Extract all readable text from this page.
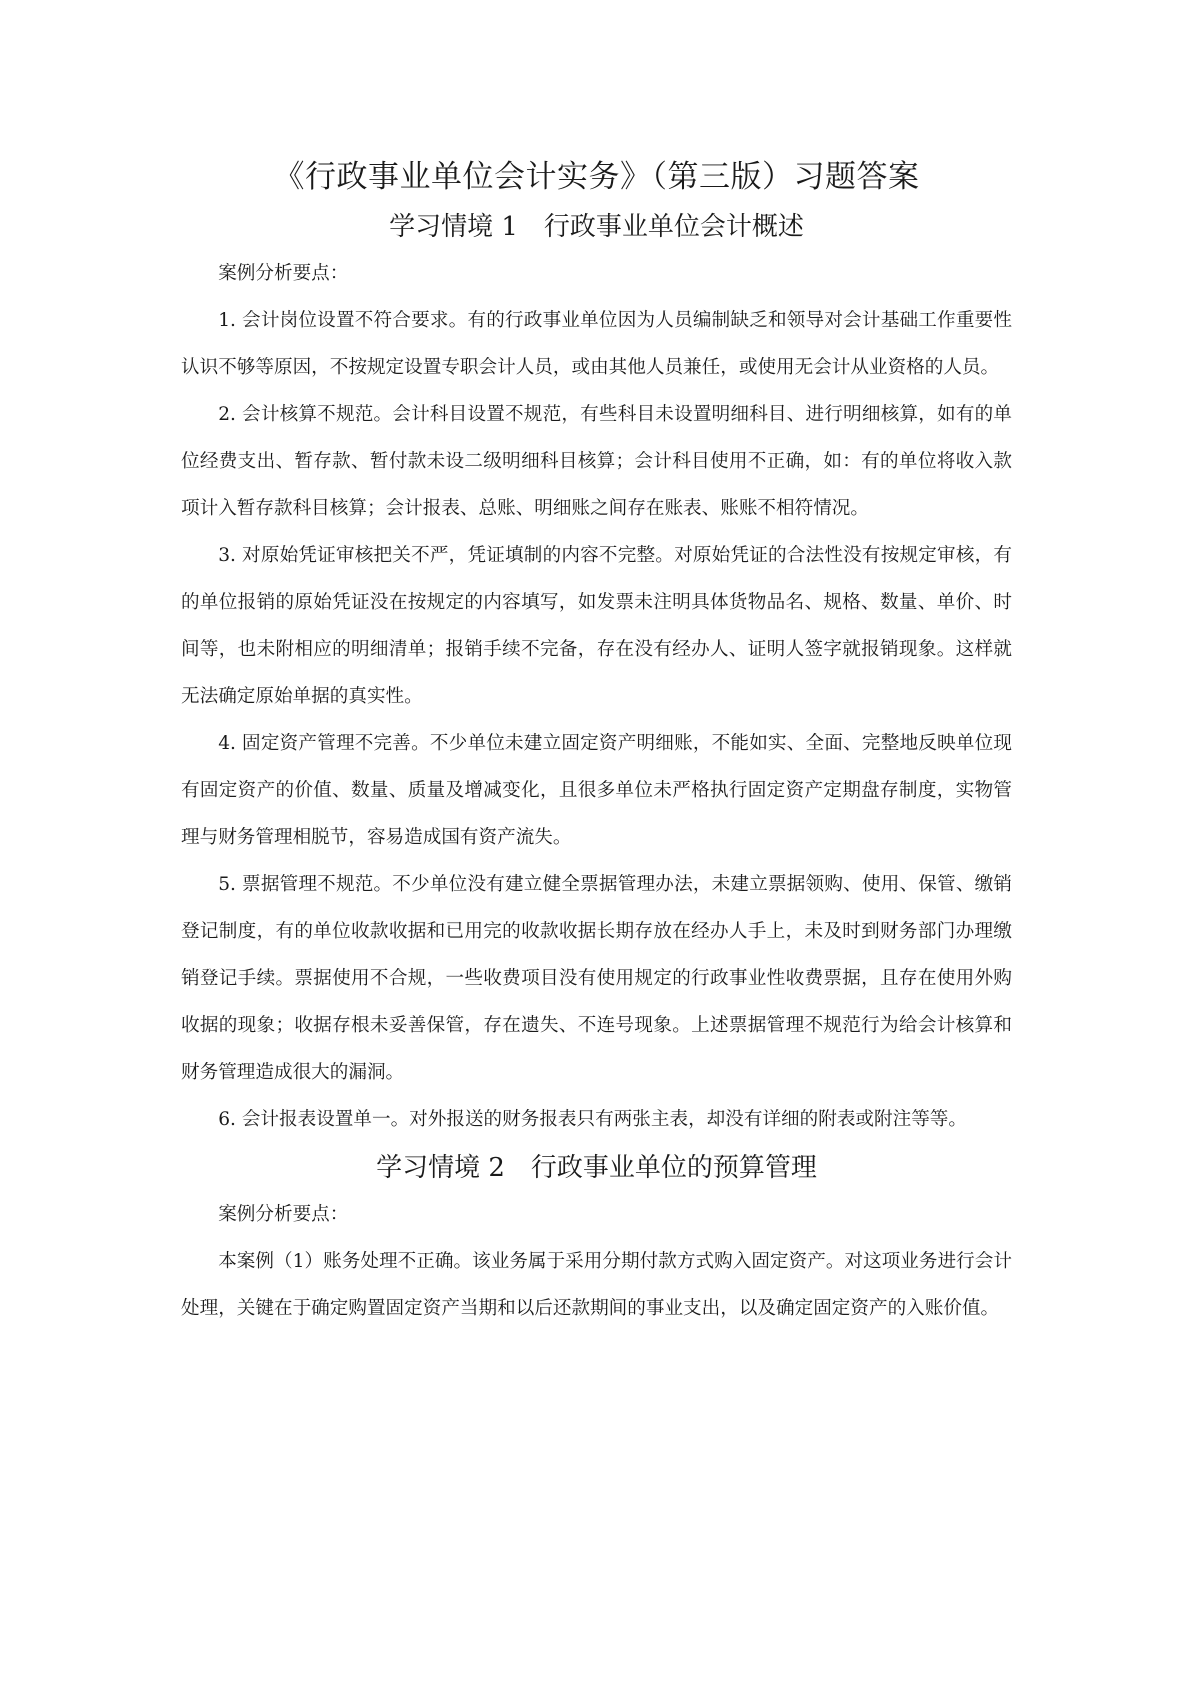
《行政事业单位会计实务》（第三版）习题答案
学习情境 1 行政事业单位会计概述

案例分析要点：

1. 会计岗位设置不符合要求。有的行政事业单位因为人员编制缺乏和领导对会计基础工作重要性认识不够等原因，不按规定设置专职会计人员，或由其他人员兼任，或使用无会计从业资格的人员。

2. 会计核算不规范。会计科目设置不规范，有些科目未设置明细科目、进行明细核算，如有的单位经费支出、暂存款、暂付款未设二级明细科目核算；会计科目使用不正确，如：有的单位将收入款项计入暂存款科目核算；会计报表、总账、明细账之间存在账表、账账不相符情况。

3. 对原始凭证审核把关不严，凭证填制的内容不完整。对原始凭证的合法性没有按规定审核，有的单位报销的原始凭证没在按规定的内容填写，如发票未注明具体货物品名、规格、数量、单价、时间等，也未附相应的明细清单；报销手续不完备，存在没有经办人、证明人签字就报销现象。这样就无法确定原始单据的真实性。

4. 固定资产管理不完善。不少单位未建立固定资产明细账，不能如实、全面、完整地反映单位现有固定资产的价值、数量、质量及增减变化，且很多单位未严格执行固定资产定期盘存制度，实物管理与财务管理相脱节，容易造成国有资产流失。

5. 票据管理不规范。不少单位没有建立健全票据管理办法，未建立票据领购、使用、保管、缴销登记制度，有的单位收款收据和已用完的收款收据长期存放在经办人手上，未及时到财务部门办理缴销登记手续。票据使用不合规，一些收费项目没有使用规定的行政事业性收费票据，且存在使用外购收据的现象；收据存根未妥善保管，存在遗失、不连号现象。上述票据管理不规范行为给会计核算和财务管理造成很大的漏洞。

6. 会计报表设置单一。对外报送的财务报表只有两张主表，却没有详细的附表或附注等等。

学习情境 2 行政事业单位的预算管理

案例分析要点：

本案例（1）账务处理不正确。该业务属于采用分期付款方式购入固定资产。对这项业务进行会计处理，关键在于确定购置固定资产当期和以后还款期间的事业支出，以及确定固定资产的入账价值。
